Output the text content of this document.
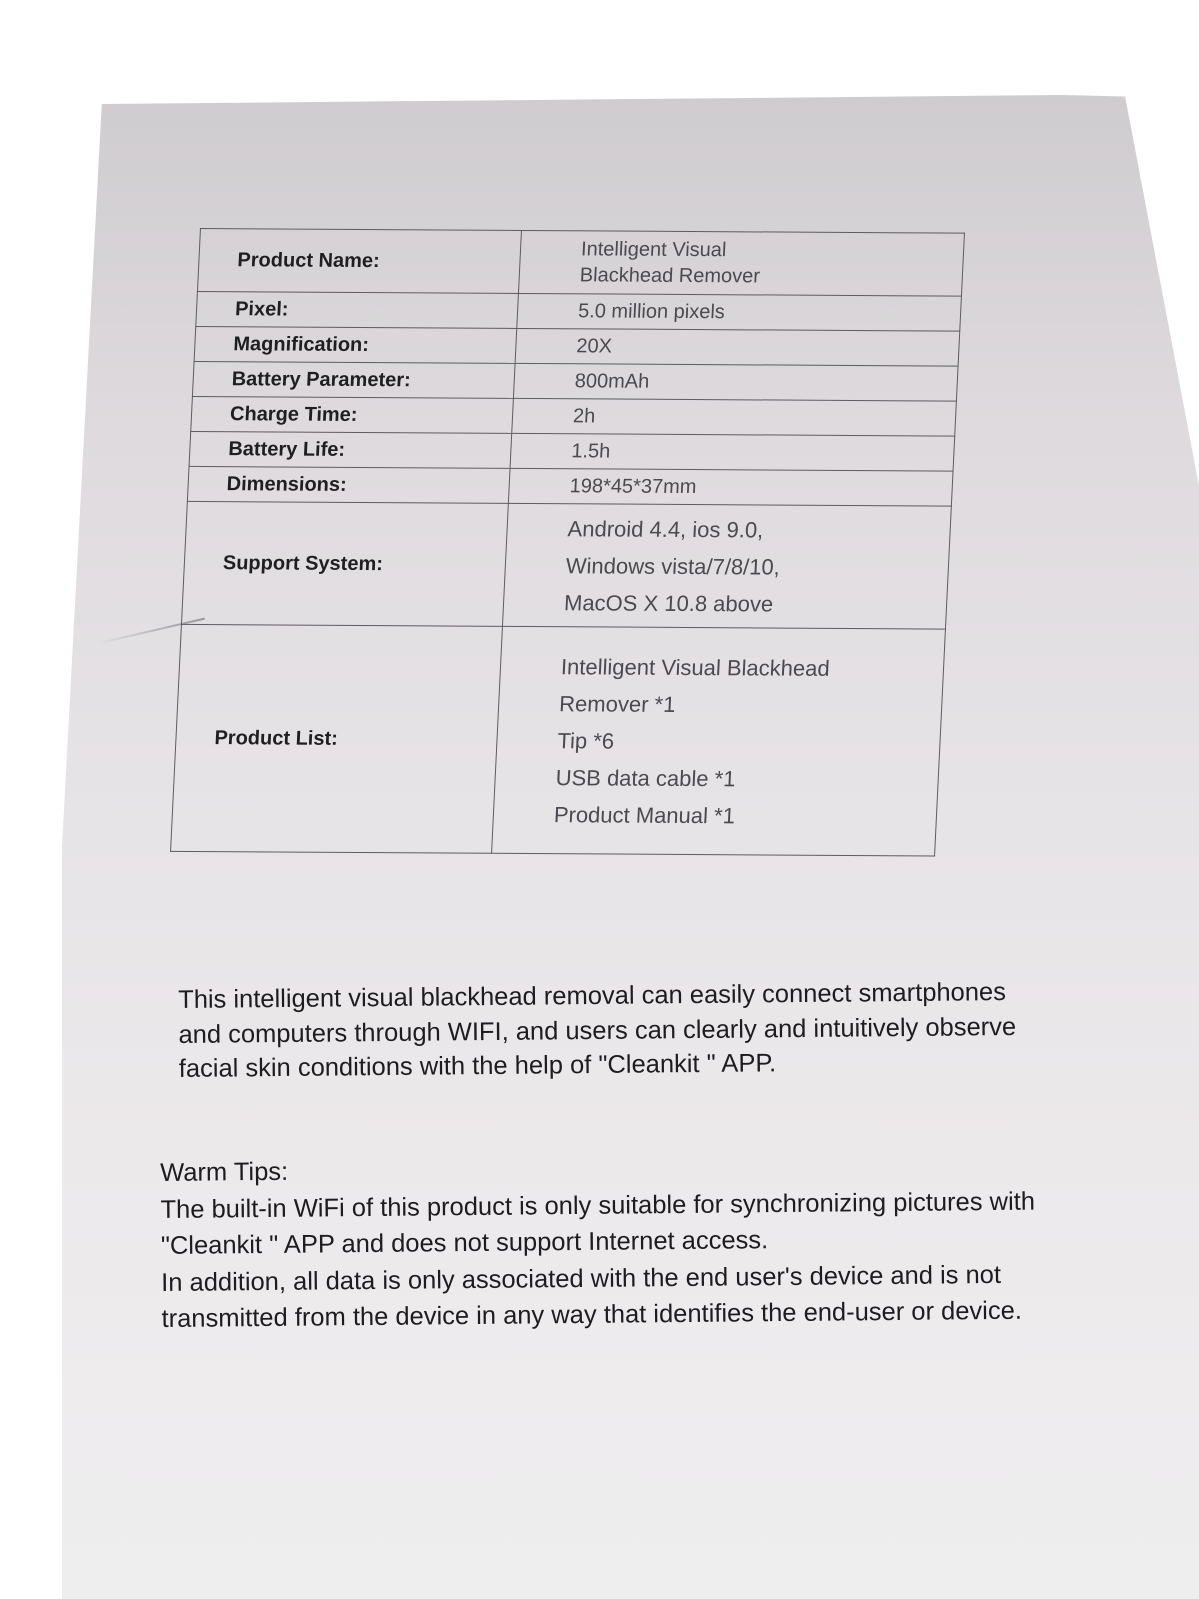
Product Name:	Intelligent Visual
Blackhead Remover

Pixel:	5.0 million pixels
Magnification:	20X
Battery Parameter:	800mAh
Charge Time:	2h
Battery Life:	1.5h
Dimensions:	198*45*37mm
Support System:	Android 4.4, ios 9.0,
Windows vista/7/8/10,
MacOS X 10.8 above

Product List:	Intelligent Visual Blackhead
Remover *1
Tip *6
USB data cable *1
Product Manual *1

This intelligent visual blackhead removal can easily connect smartphones and computers through WIFI, and users can clearly and intuitively observe facial skin conditions with the help of "Cleankit " APP.

Warm Tips:

The built-in WiFi of this product is only suitable for synchronizing pictures with "Cleankit " APP and does not support Internet access.

In addition, all data is only associated with the end user's device and is not transmitted from the device in any way that identifies the end-user or device.
